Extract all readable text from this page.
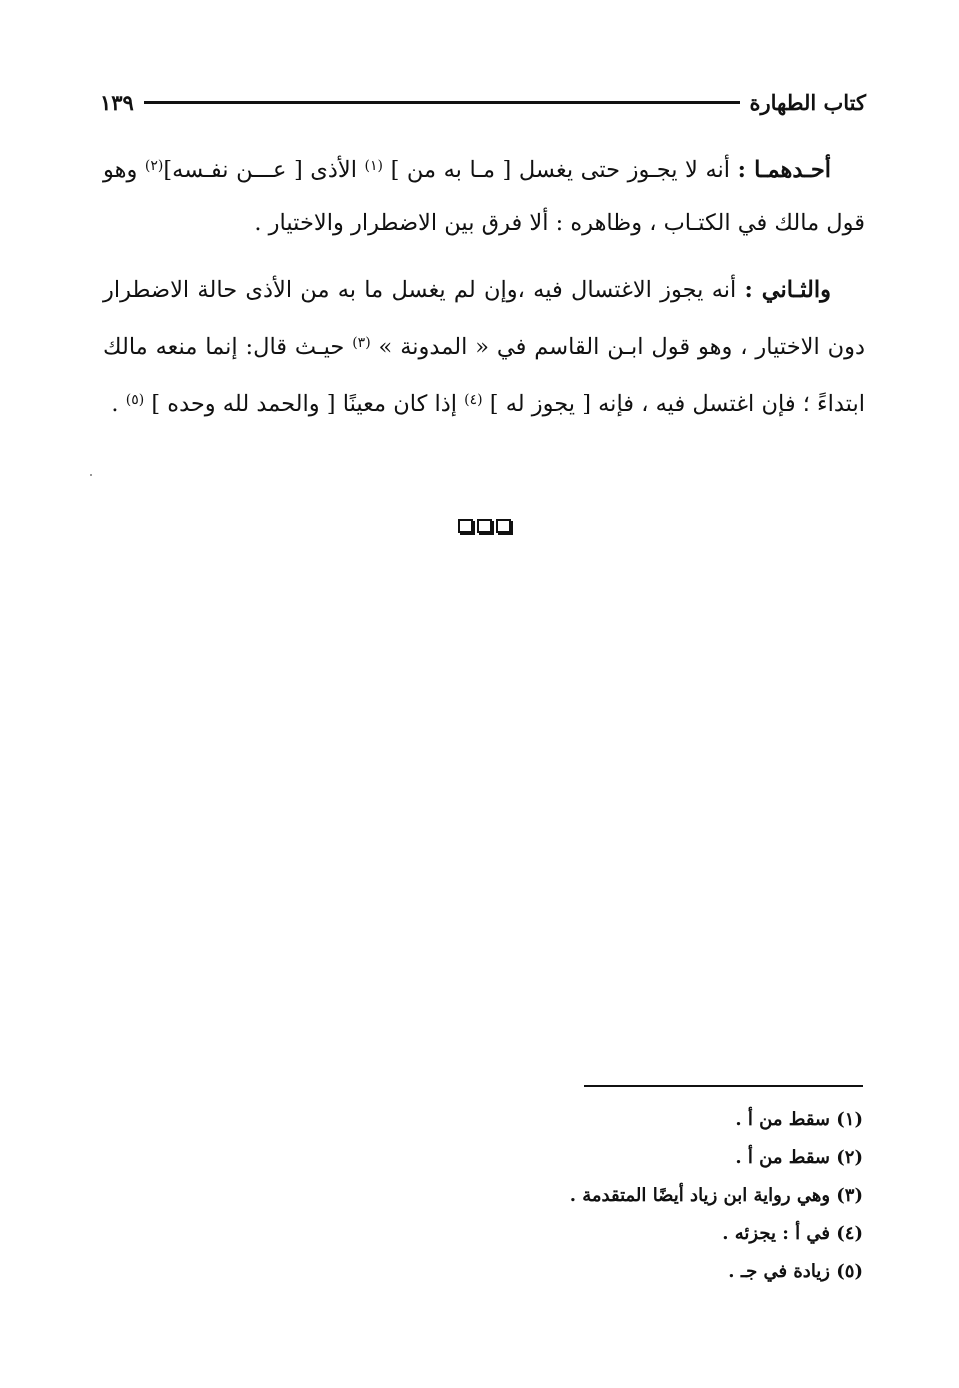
كتاب الطهارة
١٣٩

أحـدهمـا : أنه لا يجـوز حتى يغسل [ مـا به من ] $^{(١)}$ الأذى [ عـــن نفـسه]$^{(٢)}$ وهو قول مالك في الكتـاب ، وظاهره : ألا فرق بين الاضطرار والاختيار .

والثـاني : أنه يجوز الاغتسال فيه ،وإن لم يغسل ما به من الأذى حالة الاضطرار دون الاختيار ، وهو قول ابـن القاسم في « المدونة » $^{(٣)}$ حيـث قال: إنما منعه مالك ابتداءً ؛ فإن اغتسل فيه ، فإنه [ يجوز له ] $^{(٤)}$ إذا كان معينًا [ والحمد لله وحده ] $^{(٥)}$ .

(١) سقط من أ .
(٢) سقط من أ .
(٣) وهي رواية ابن زياد أيضًا المتقدمة .
(٤) في أ : يجزئه .
(٥) زيادة في جـ .
